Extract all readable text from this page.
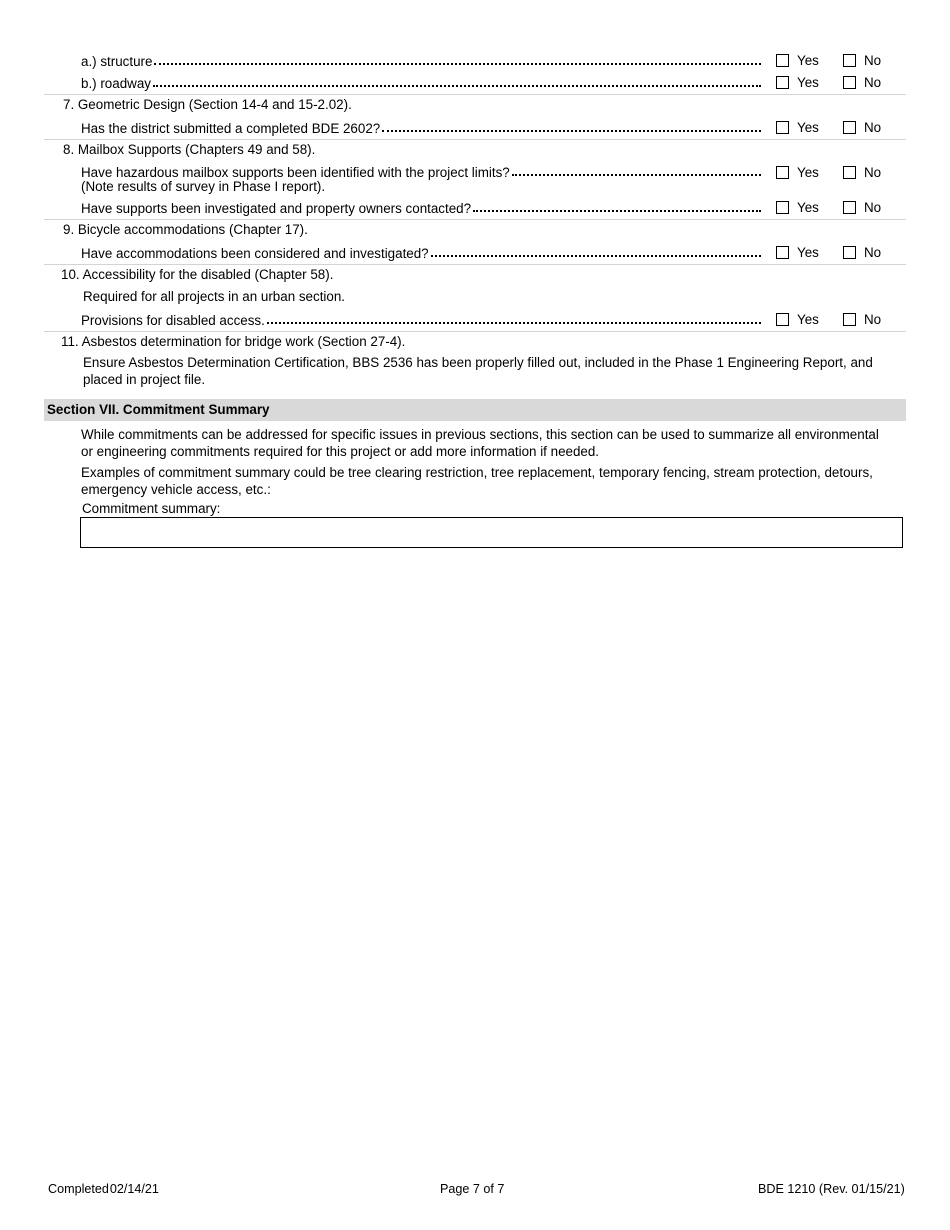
a.) structure	Yes	No
b.) roadway	Yes	No
7. Geometric Design (Section 14-4 and 15-2.02).
Has the district submitted a completed BDE 2602?	Yes	No
8. Mailbox Supports (Chapters 49 and 58).
Have hazardous mailbox supports been identified with the project limits?	Yes	No
(Note results of survey in Phase I report).
Have supports been investigated and property owners contacted?	Yes	No
9. Bicycle accommodations (Chapter 17).
Have accommodations been considered and investigated?	Yes	No
10. Accessibility for the disabled (Chapter 58).
Required for all projects in an urban section.
Provisions for disabled access.	Yes	No
11. Asbestos determination for bridge work (Section 27-4).
Ensure Asbestos Determination Certification, BBS 2536 has been properly filled out, included in the Phase 1 Engineering Report, and placed in project file.
Section VII. Commitment Summary
While commitments can be addressed for specific issues in previous sections, this section can be used to summarize all environmental or engineering commitments required for this project or add more information if needed.
Examples of commitment summary could be tree clearing restriction, tree replacement, temporary fencing, stream protection, detours, emergency vehicle access, etc.:
Commitment summary:
Completed02/14/21	Page 7 of 7	BDE 1210 (Rev. 01/15/21)
